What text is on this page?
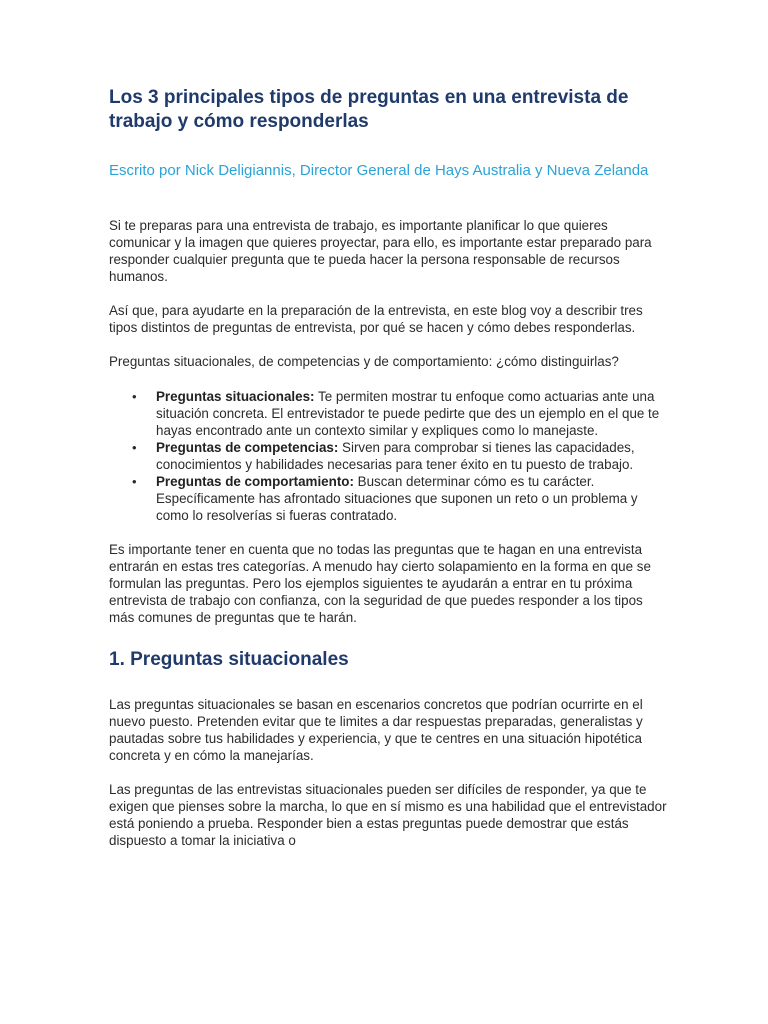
Los 3 principales tipos de preguntas en una entrevista de trabajo y cómo responderlas
Escrito por Nick Deligiannis, Director General de Hays Australia y Nueva Zelanda

Si te preparas para una entrevista de trabajo, es importante planificar lo que quieres comunicar y la imagen que quieres proyectar, para ello, es importante estar preparado para responder cualquier pregunta que te pueda hacer la persona responsable de recursos humanos.

Así que, para ayudarte en la preparación de la entrevista, en este blog voy a describir tres tipos distintos de preguntas de entrevista, por qué se hacen y cómo debes responderlas.

Preguntas situacionales, de competencias y de comportamiento: ¿cómo distinguirlas?

• Preguntas situacionales: Te permiten mostrar tu enfoque como actuarias ante una situación concreta. El entrevistador te puede pedirte que des un ejemplo en el que te hayas encontrado ante un contexto similar y expliques como lo manejaste.
• Preguntas de competencias: Sirven para comprobar si tienes las capacidades, conocimientos y habilidades necesarias para tener éxito en tu puesto de trabajo.
• Preguntas de comportamiento: Buscan determinar cómo es tu carácter. Específicamente has afrontado situaciones que suponen un reto o un problema y como lo resolverías si fueras contratado.

Es importante tener en cuenta que no todas las preguntas que te hagan en una entrevista entrarán en estas tres categorías. A menudo hay cierto solapamiento en la forma en que se formulan las preguntas. Pero los ejemplos siguientes te ayudarán a entrar en tu próxima entrevista de trabajo con confianza, con la seguridad de que puedes responder a los tipos más comunes de preguntas que te harán.

1. Preguntas situacionales

Las preguntas situacionales se basan en escenarios concretos que podrían ocurrirte en el nuevo puesto. Pretenden evitar que te limites a dar respuestas preparadas, generalistas y pautadas sobre tus habilidades y experiencia, y que te centres en una situación hipotética concreta y en cómo la manejarías.

Las preguntas de las entrevistas situacionales pueden ser difíciles de responder, ya que te exigen que pienses sobre la marcha, lo que en sí mismo es una habilidad que el entrevistador está poniendo a prueba. Responder bien a estas preguntas puede demostrar que estás dispuesto a tomar la iniciativa o
